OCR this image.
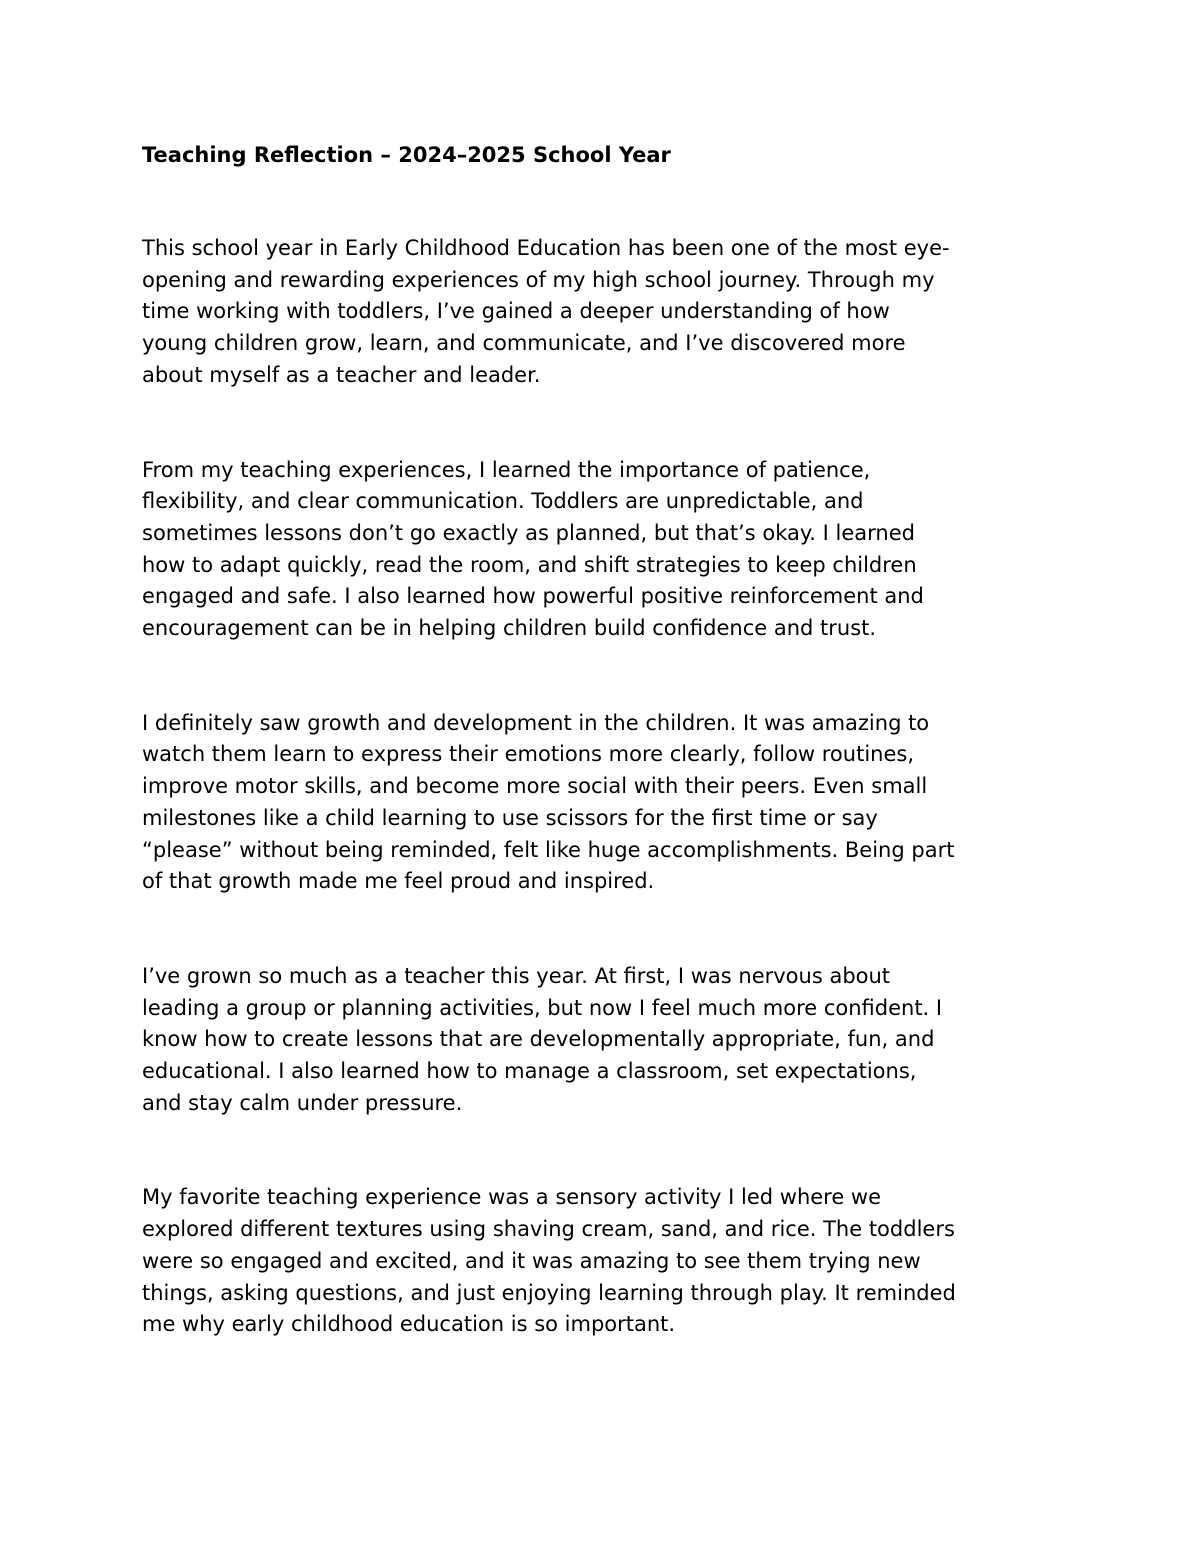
Teaching Reflection – 2024–2025 School Year
This school year in Early Childhood Education has been one of the most eye-
opening and rewarding experiences of my high school journey. Through my
time working with toddlers, I’ve gained a deeper understanding of how
young children grow, learn, and communicate, and I’ve discovered more
about myself as a teacher and leader.
From my teaching experiences, I learned the importance of patience,
flexibility, and clear communication. Toddlers are unpredictable, and
sometimes lessons don’t go exactly as planned, but that’s okay. I learned
how to adapt quickly, read the room, and shift strategies to keep children
engaged and safe. I also learned how powerful positive reinforcement and
encouragement can be in helping children build confidence and trust.
I definitely saw growth and development in the children. It was amazing to
watch them learn to express their emotions more clearly, follow routines,
improve motor skills, and become more social with their peers. Even small
milestones like a child learning to use scissors for the first time or say
“please” without being reminded, felt like huge accomplishments. Being part
of that growth made me feel proud and inspired.
I’ve grown so much as a teacher this year. At first, I was nervous about
leading a group or planning activities, but now I feel much more confident. I
know how to create lessons that are developmentally appropriate, fun, and
educational. I also learned how to manage a classroom, set expectations,
and stay calm under pressure.
My favorite teaching experience was a sensory activity I led where we
explored different textures using shaving cream, sand, and rice. The toddlers
were so engaged and excited, and it was amazing to see them trying new
things, asking questions, and just enjoying learning through play. It reminded
me why early childhood education is so important.
